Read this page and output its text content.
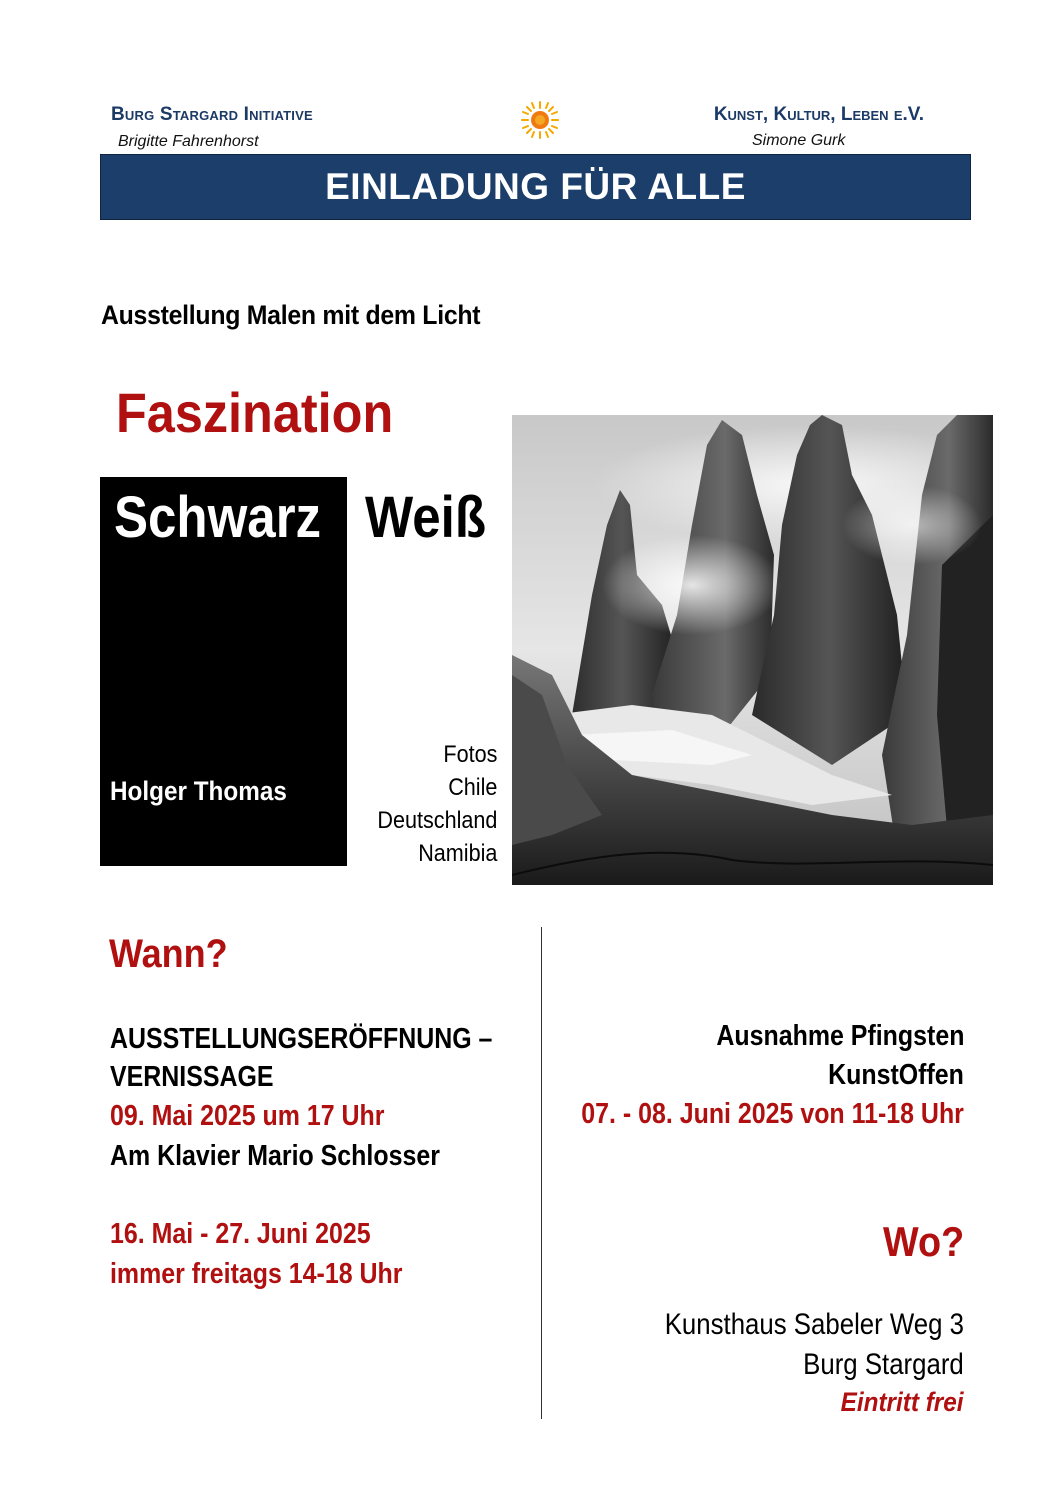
Burg Stargard Initiative
Brigitte Fahrenhorst
Kunst, Kultur, Leben e.V.
Simone Gurk
EINLADUNG FÜR ALLE
Ausstellung Malen mit dem Licht
Faszination
Schwarz Weiß
Holger Thomas
Fotos
Chile
Deutschland
Namibia
Wann?
AUSSTELLUNGSERÖFFNUNG –
VERNISSAGE
09. Mai 2025 um 17 Uhr
Am Klavier Mario Schlosser
16. Mai - 27. Juni 2025
immer freitags 14-18 Uhr
Ausnahme Pfingsten
KunstOffen
07. - 08. Juni 2025 von 11-18 Uhr
Wo?
Kunsthaus Sabeler Weg 3
Burg Stargard
Eintritt frei
